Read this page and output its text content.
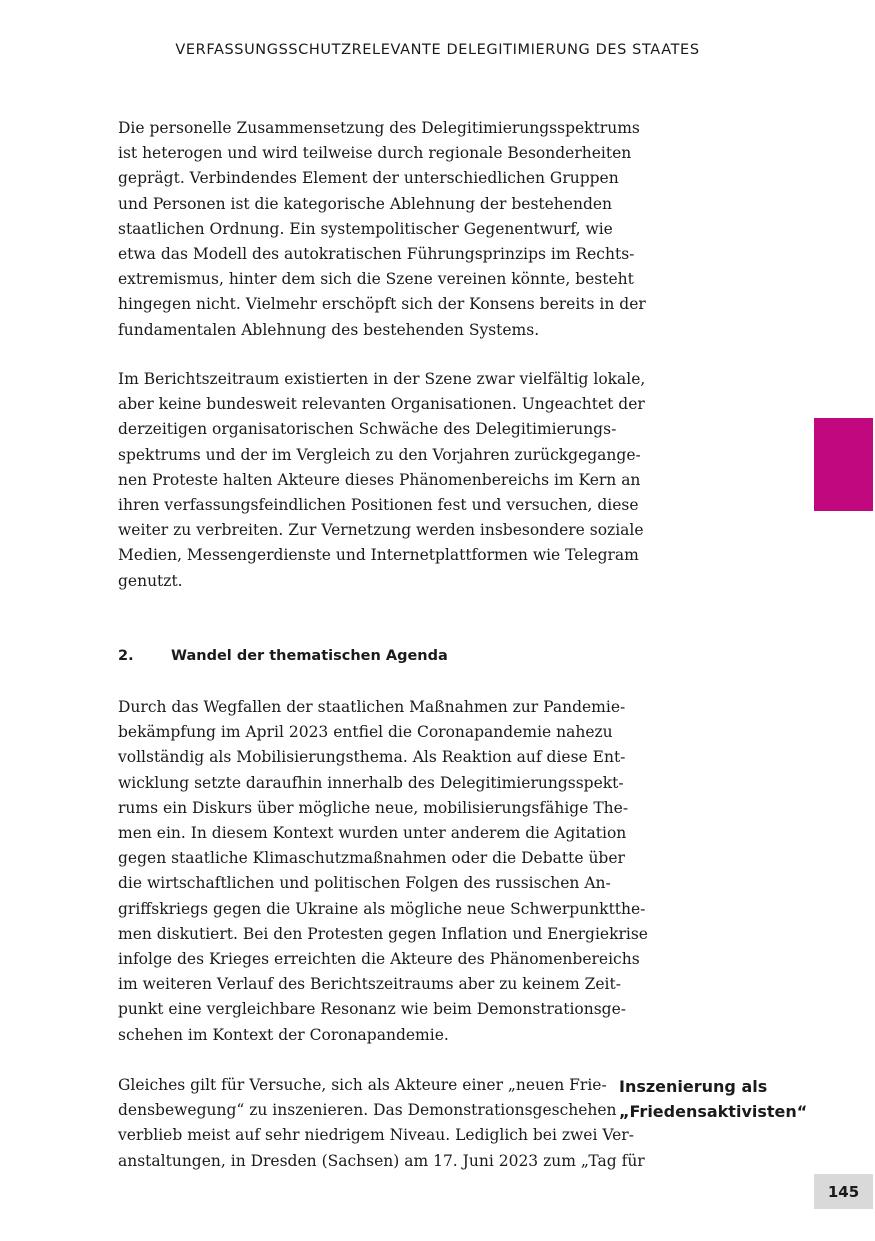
VERFASSUNGSSCHUTZRELEVANTE DELEGITIMIERUNG DES STAATES

Die personelle Zusammensetzung des Delegitimierungsspektrums
ist heterogen und wird teilweise durch regionale Besonderheiten
geprägt. Verbindendes Element der unterschiedlichen Gruppen
und Personen ist die kategorische Ablehnung der bestehenden
staatlichen Ordnung. Ein systempolitischer Gegenentwurf, wie
etwa das Modell des autokratischen Führungsprinzips im Rechts-
extremismus, hinter dem sich die Szene vereinen könnte, besteht
hingegen nicht. Vielmehr erschöpft sich der Konsens bereits in der
fundamentalen Ablehnung des bestehenden Systems.

Im Berichtszeitraum existierten in der Szene zwar vielfältig lokale,
aber keine bundesweit relevanten Organisationen. Ungeachtet der
derzeitigen organisatorischen Schwäche des Delegitimierungs-
spektrums und der im Vergleich zu den Vorjahren zurückgegange-
nen Proteste halten Akteure dieses Phänomenbereichs im Kern an
ihren verfassungsfeindlichen Positionen fest und versuchen, diese
weiter zu verbreiten. Zur Vernetzung werden insbesondere soziale
Medien, Messengerdienste und Internetplattformen wie Telegram
genutzt.

2.	Wandel der thematischen Agenda

Durch das Wegfallen der staatlichen Maßnahmen zur Pandemie-
bekämpfung im April 2023 entfiel die Coronapandemie nahezu
vollständig als Mobilisierungsthema. Als Reaktion auf diese Ent-
wicklung setzte daraufhin innerhalb des Delegitimierungsspekt-
rums ein Diskurs über mögliche neue, mobilisierungsfähige The-
men ein. In diesem Kontext wurden unter anderem die Agitation
gegen staatliche Klimaschutzmaßnahmen oder die Debatte über
die wirtschaftlichen und politischen Folgen des russischen An-
griffskriegs gegen die Ukraine als mögliche neue Schwerpunktthe-
men diskutiert. Bei den Protesten gegen Inflation und Energiekrise
infolge des Krieges erreichten die Akteure des Phänomenbereichs
im weiteren Verlauf des Berichtszeitraums aber zu keinem Zeit-
punkt eine vergleichbare Resonanz wie beim Demonstrationsge-
schehen im Kontext der Coronapandemie.

Gleiches gilt für Versuche, sich als Akteure einer „neuen Frie-
densbewegung“ zu inszenieren. Das Demonstrationsgeschehen
verblieb meist auf sehr niedrigem Niveau. Lediglich bei zwei Ver-
anstaltungen, in Dresden (Sachsen) am 17. Juni 2023 zum „Tag für

Inszenierung als
„Friedensaktivisten“
145
